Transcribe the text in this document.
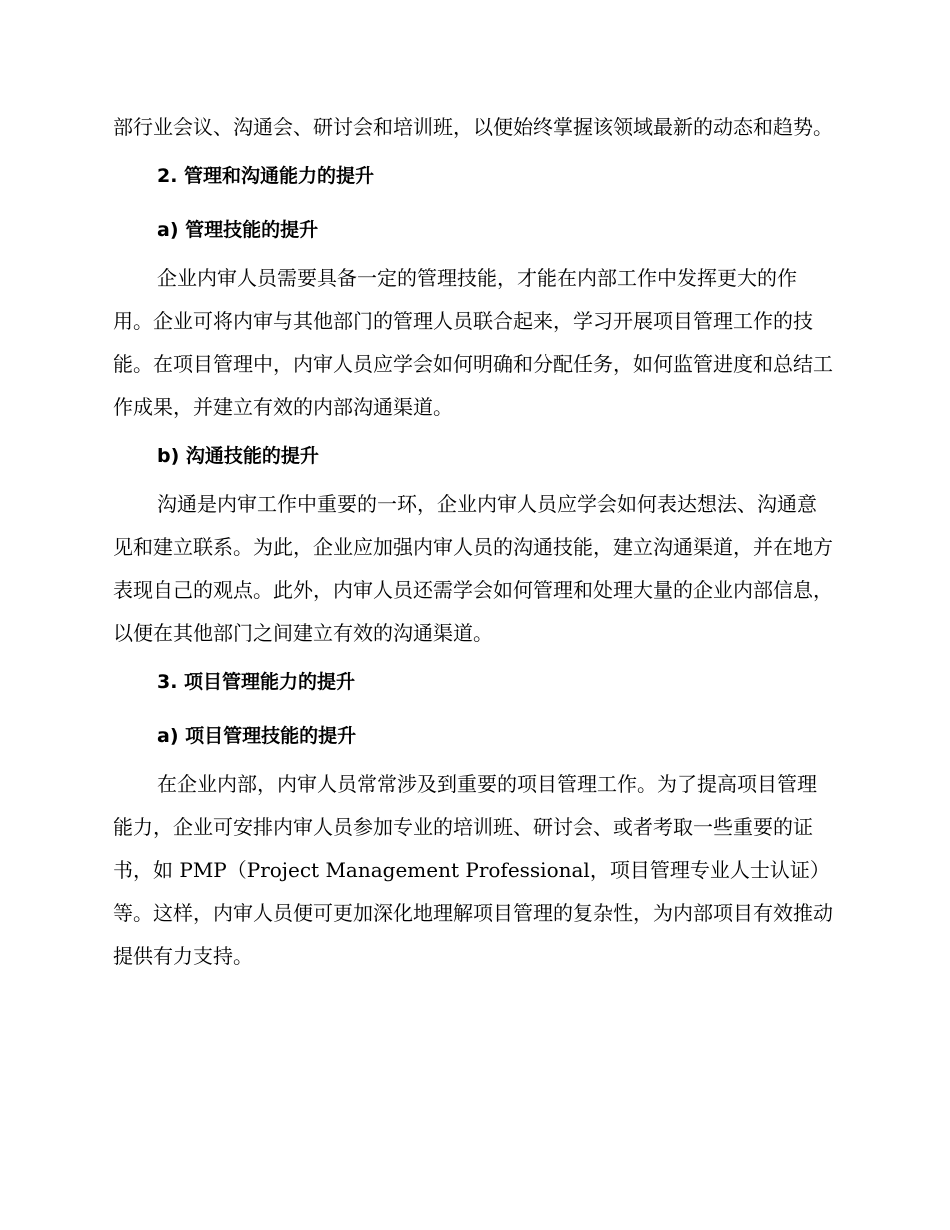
部行业会议、沟通会、研讨会和培训班，以便始终掌握该领域最新的动态和趋势。

2. 管理和沟通能力的提升
a) 管理技能的提升

企业内审人员需要具备一定的管理技能，才能在内部工作中发挥更大的作用。企业可将内审与其他部门的管理人员联合起来，学习开展项目管理工作的技能。在项目管理中，内审人员应学会如何明确和分配任务，如何监管进度和总结工作成果，并建立有效的内部沟通渠道。

b) 沟通技能的提升

沟通是内审工作中重要的一环，企业内审人员应学会如何表达想法、沟通意见和建立联系。为此，企业应加强内审人员的沟通技能，建立沟通渠道，并在地方表现自己的观点。此外，内审人员还需学会如何管理和处理大量的企业内部信息，以便在其他部门之间建立有效的沟通渠道。

3. 项目管理能力的提升
a) 项目管理技能的提升

在企业内部，内审人员常常涉及到重要的项目管理工作。为了提高项目管理能力，企业可安排内审人员参加专业的培训班、研讨会、或者考取一些重要的证书，如 PMP（Project Management Professional，项目管理专业人士认证）等。这样，内审人员便可更加深化地理解项目管理的复杂性，为内部项目有效推动提供有力支持。
